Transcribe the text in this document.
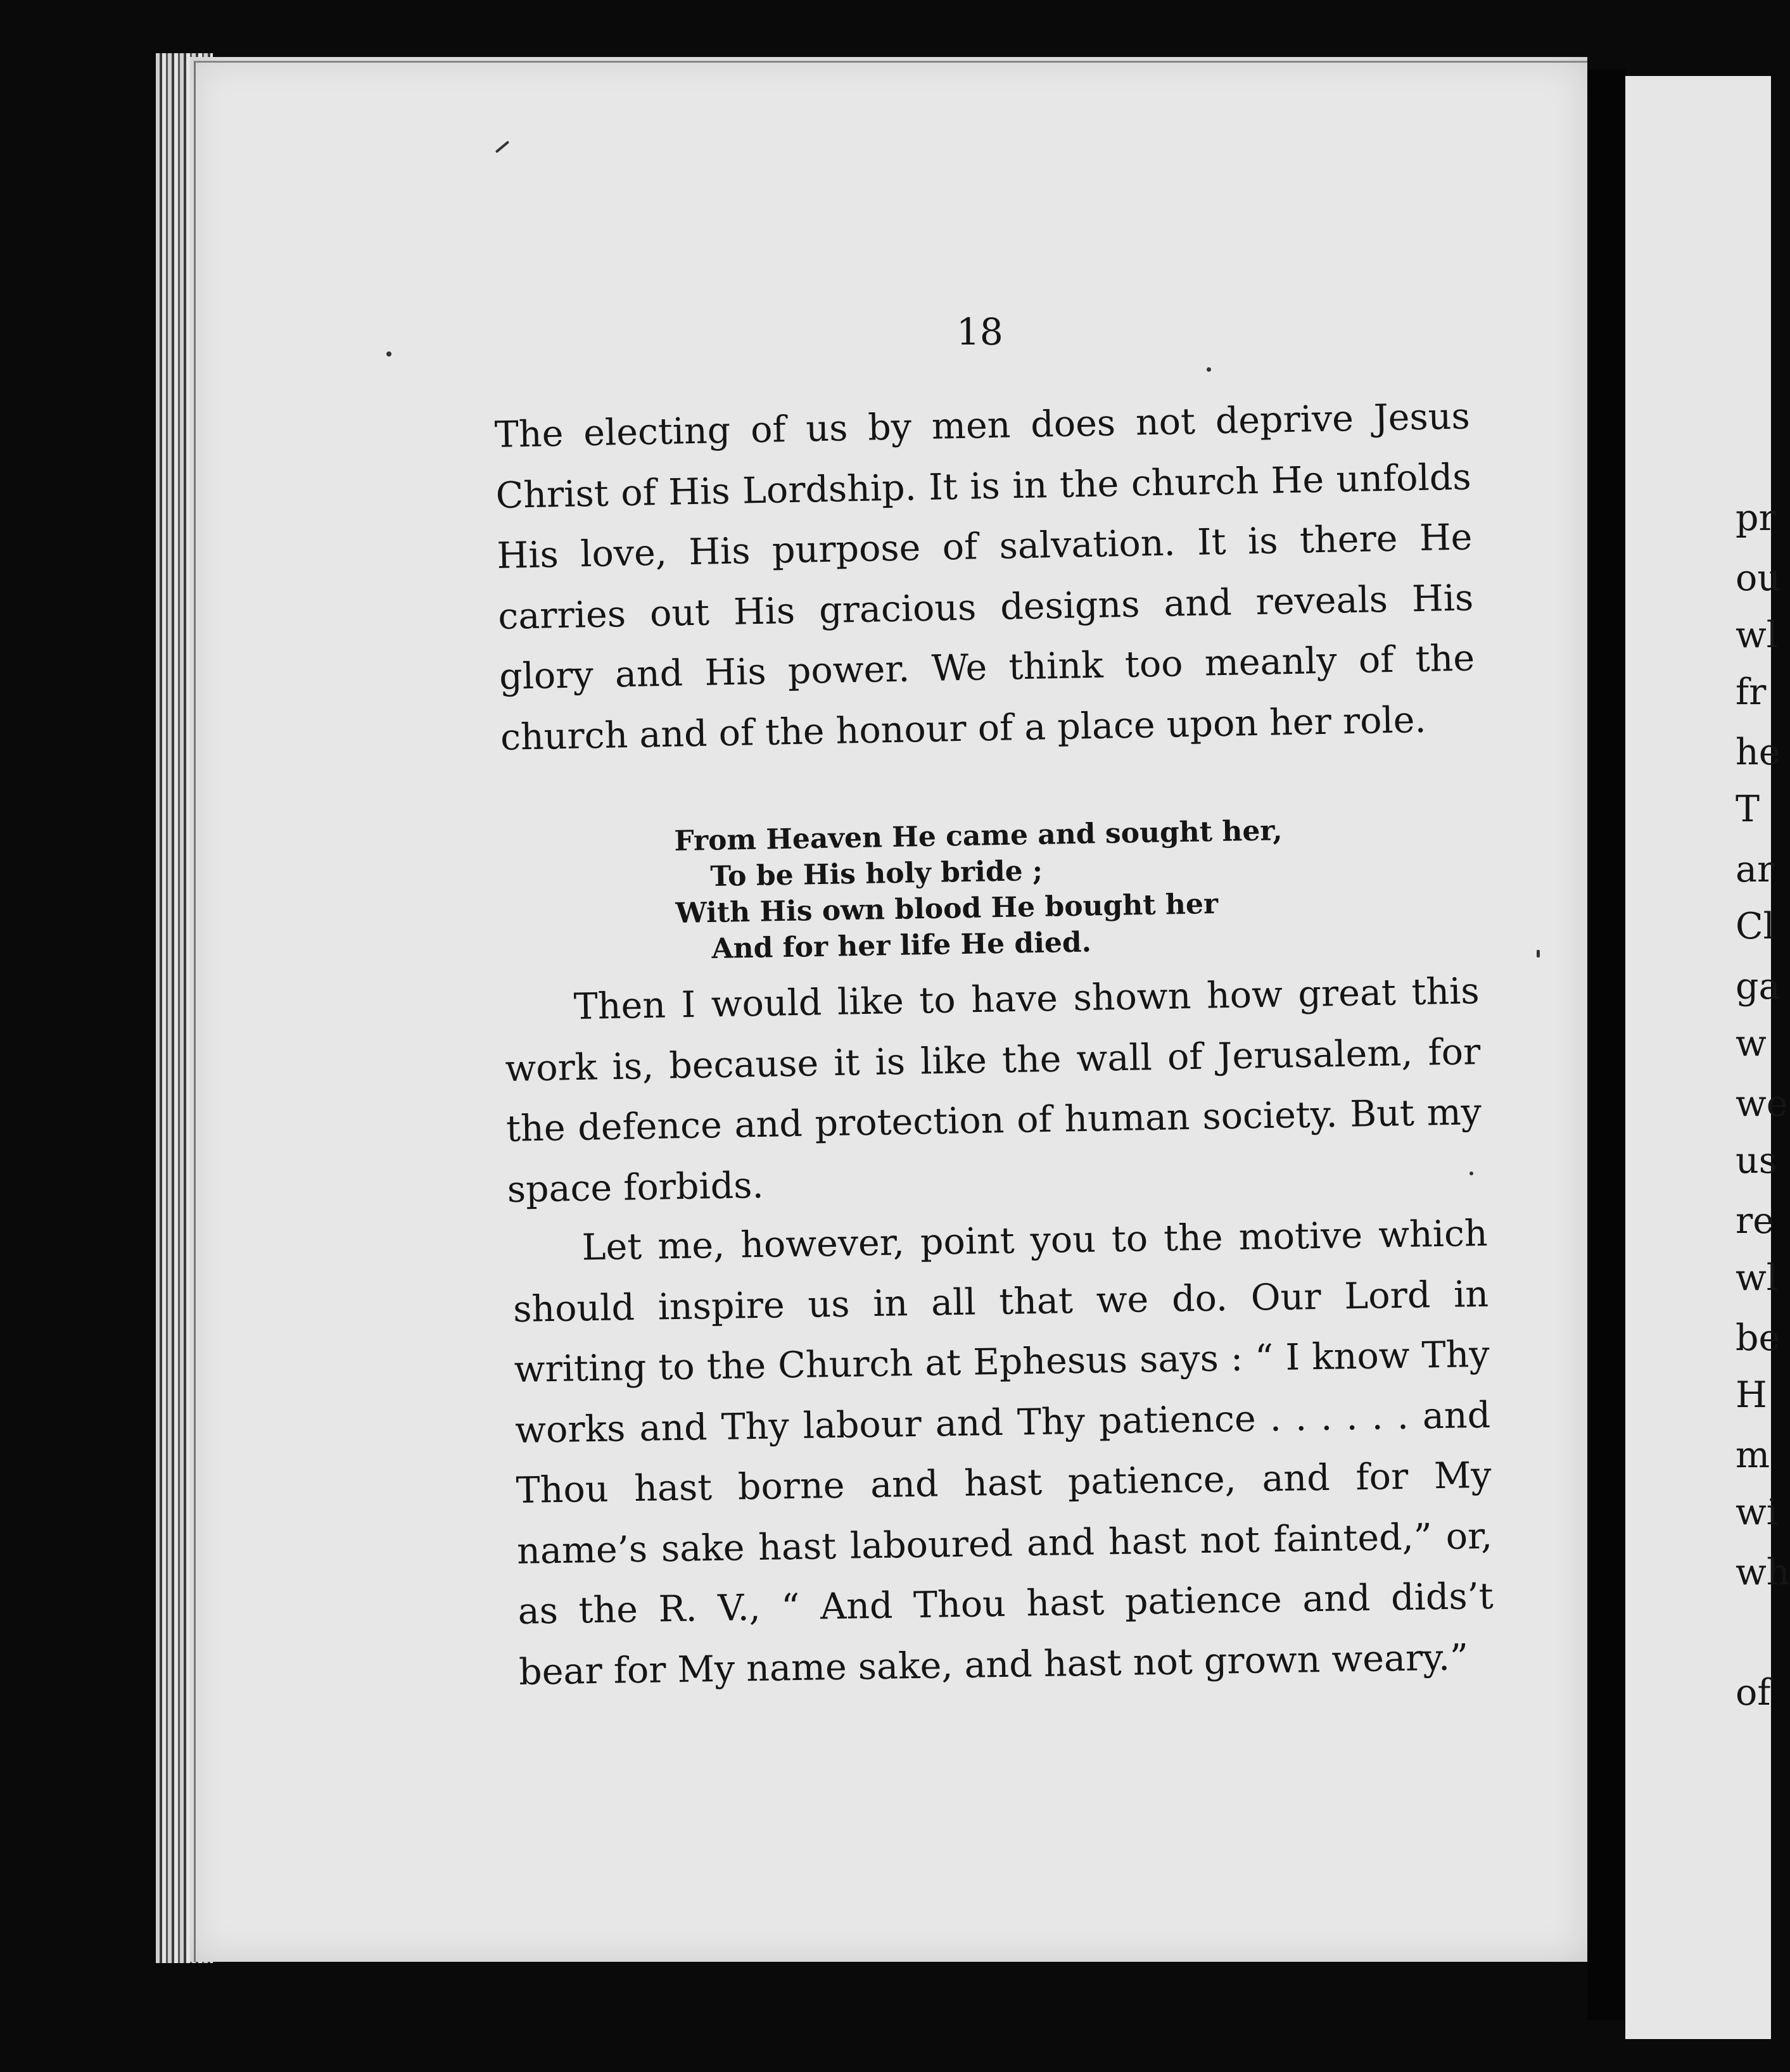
18
The electing of us by men does not deprive Jesus Christ of His Lordship. It is in the church He unfolds His love, His purpose of salvation. It is there He carries out His gracious designs and reveals His glory and His power. We think too meanly of the church and of the honour of a place upon her role.
From Heaven He came and sought her,
To be His holy bride ;
With His own blood He bought her
And for her life He died.
Then I would like to have shown how great this work is, because it is like the wall of Jerusalem, for the defence and protection of human society. But my space forbids.
Let me, however, point you to the motive which should inspire us in all that we do. Our Lord in writing to the Church at Ephesus says : “ I know Thy works and Thy labour and Thy patience . . . . . . and Thou hast borne and hast patience, and for My name’s sake hast laboured and hast not fainted,” or, as the R. V., “ And Thou hast patience and dids’t bear for My name sake, and hast not grown weary.”
pr
ou
wl
fr
he
T
ar
Cl
ga
w
we
us
re
wl
be
H
m
wi
wh
of
